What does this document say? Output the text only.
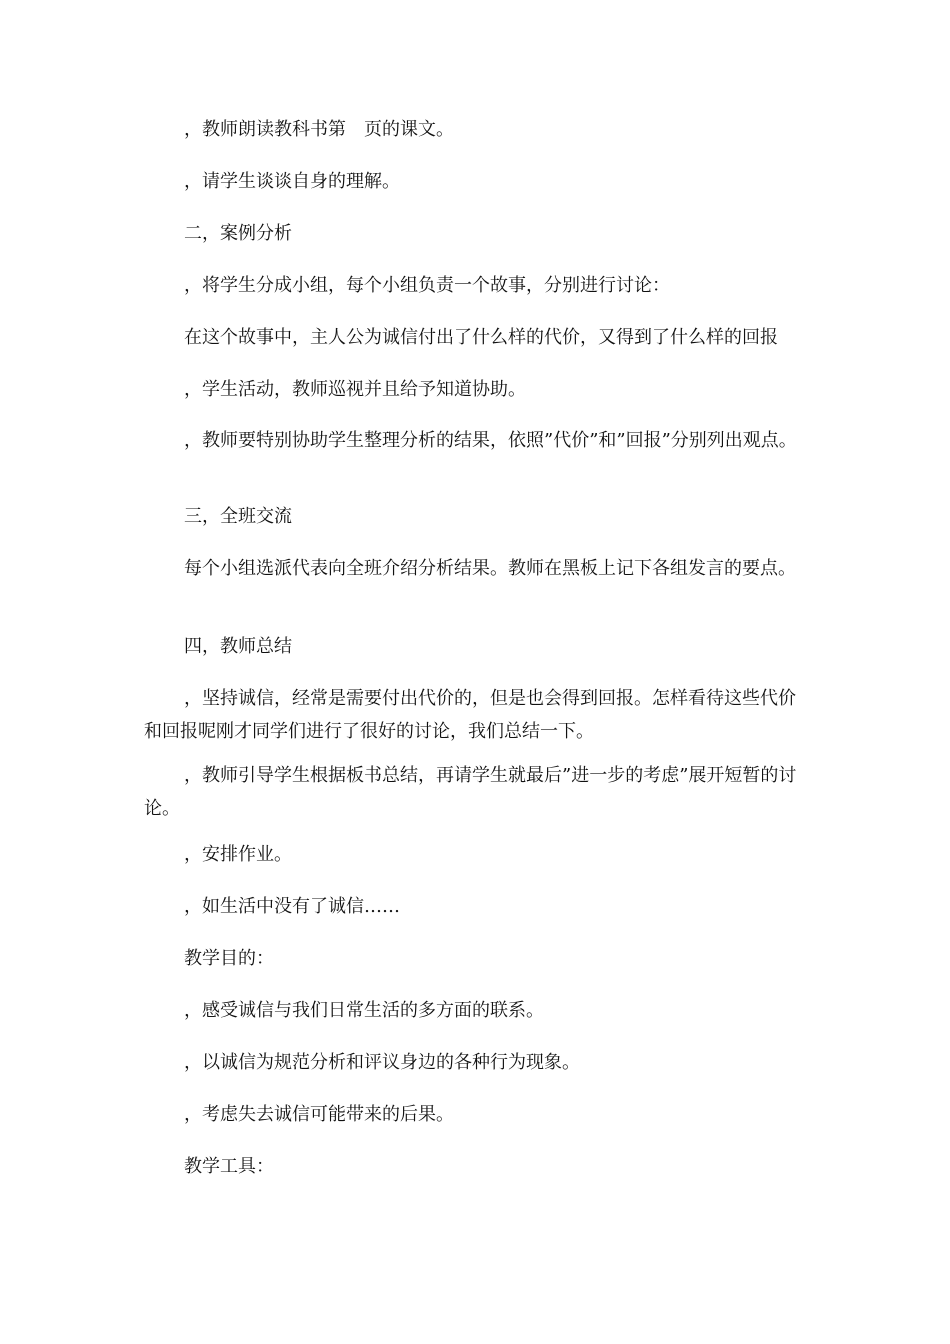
，教师朗读教科书第　页的课文。

，请学生谈谈自身的理解。

二，案例分析

，将学生分成小组，每个小组负责一个故事，分别进行讨论：

在这个故事中，主人公为诚信付出了什么样的代价，又得到了什么样的回报

，学生活动，教师巡视并且给予知道协助。

，教师要特别协助学生整理分析的结果，依照”代价”和”回报”分别列出观点。

三，全班交流

每个小组选派代表向全班介绍分析结果。教师在黑板上记下各组发言的要点。

四，教师总结

，坚持诚信，经常是需要付出代价的，但是也会得到回报。怎样看待这些代价和回报呢刚才同学们进行了很好的讨论，我们总结一下。

，教师引导学生根据板书总结，再请学生就最后”进一步的考虑”展开短暂的讨论。

，安排作业。

，如生活中没有了诚信……

教学目的：

，感受诚信与我们日常生活的多方面的联系。

，以诚信为规范分析和评议身边的各种行为现象。

，考虑失去诚信可能带来的后果。

教学工具：
